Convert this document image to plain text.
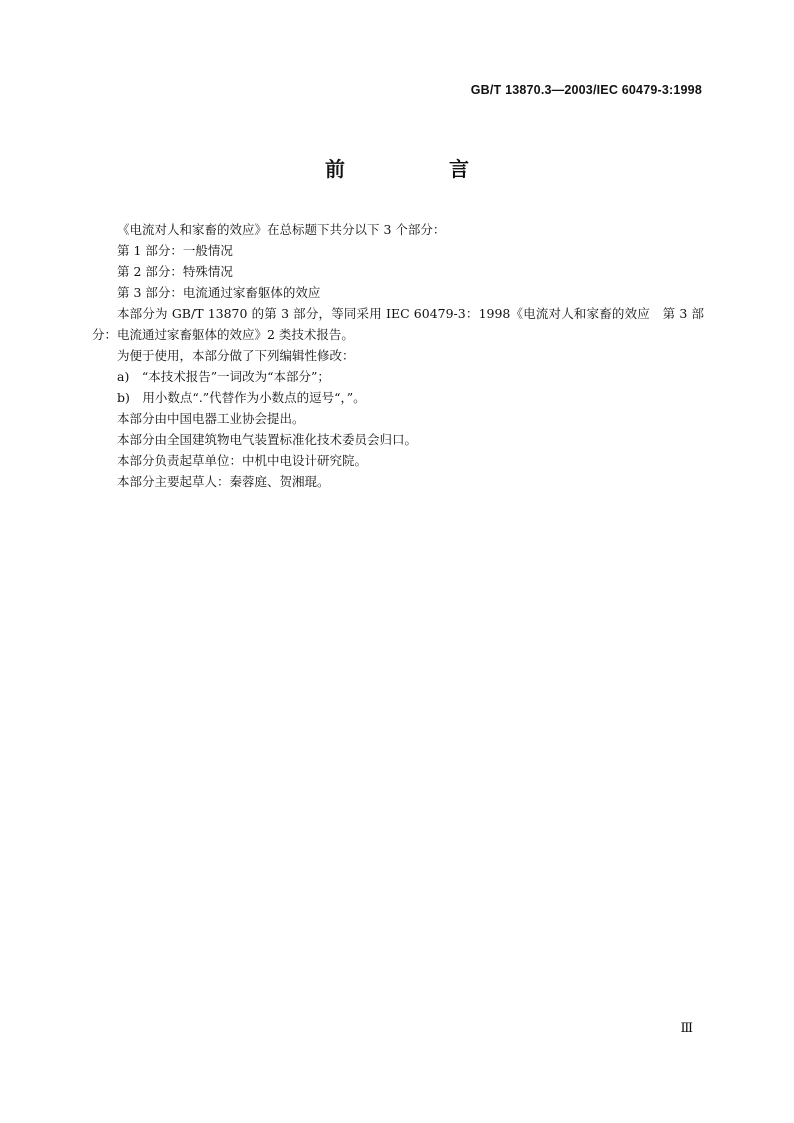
GB/T 13870.3—2003/IEC 60479-3:1998
前　言

《电流对人和家畜的效应》在总标题下共分以下 3 个部分：

第 1 部分：一般情况

第 2 部分：特殊情况

第 3 部分：电流通过家畜躯体的效应

本部分为 GB/T 13870 的第 3 部分，等同采用 IEC 60479-3：1998《电流对人和家畜的效应　第 3 部分：电流通过家畜躯体的效应》2 类技术报告。

为便于使用，本部分做了下列编辑性修改：

a)　“本技术报告”一词改为“本部分”；

b)　用小数点“.”代替作为小数点的逗号“，”。

本部分由中国电器工业协会提出。

本部分由全国建筑物电气装置标准化技术委员会归口。

本部分负责起草单位：中机中电设计研究院。

本部分主要起草人：秦蓉庭、贺湘琨。

Ⅲ
